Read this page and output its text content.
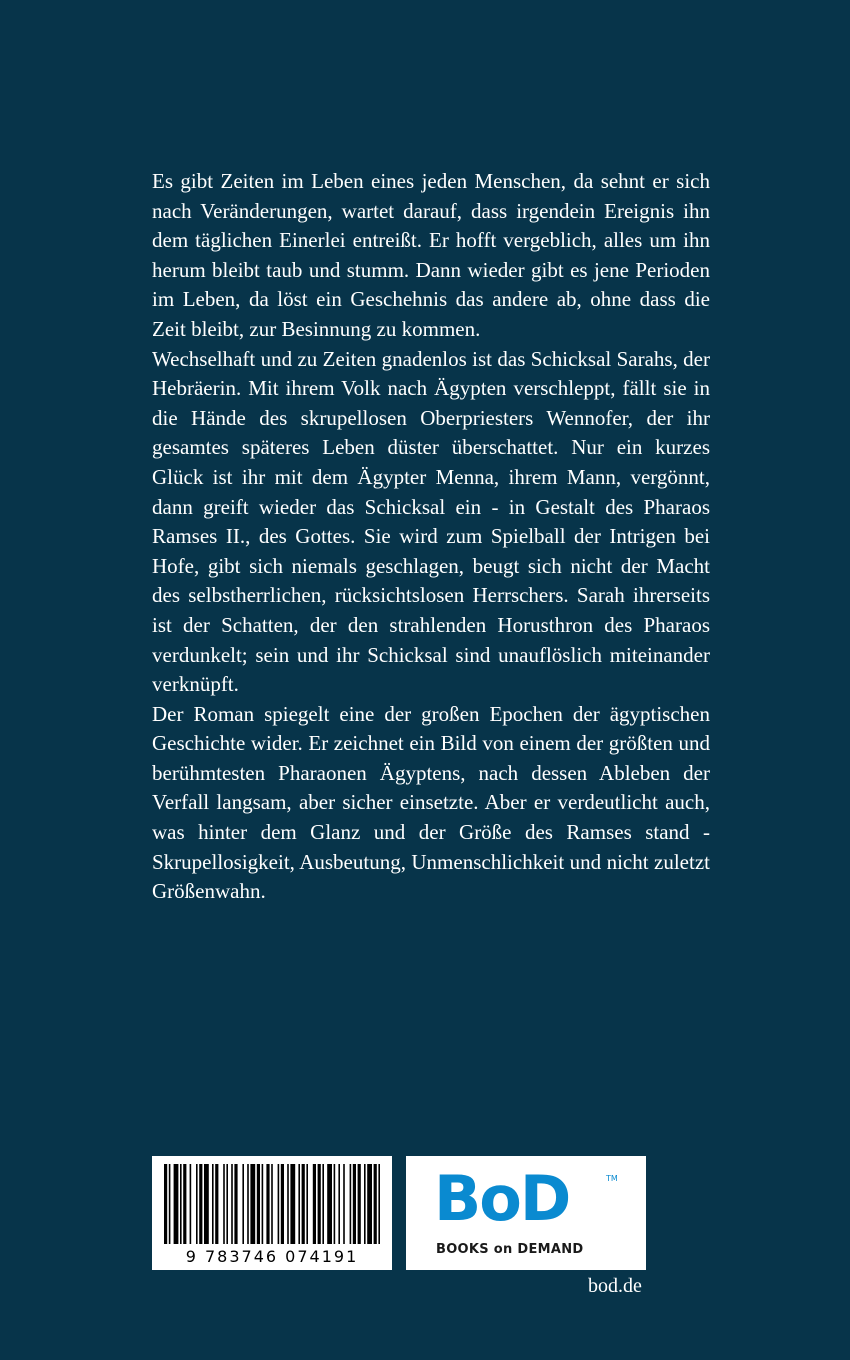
Es gibt Zeiten im Leben eines jeden Menschen, da sehnt er sich nach Veränderungen, wartet darauf, dass irgendein Ereignis ihn dem täglichen Einerlei entreißt. Er hofft vergeblich, alles um ihn herum bleibt taub und stumm. Dann wieder gibt es jene Perioden im Leben, da löst ein Geschehnis das andere ab, ohne dass die Zeit bleibt, zur Besinnung zu kommen.

Wechselhaft und zu Zeiten gnadenlos ist das Schicksal Sarahs, der Hebräerin. Mit ihrem Volk nach Ägypten verschleppt, fällt sie in die Hände des skrupellosen Oberpriesters Wennofer, der ihr gesamtes späteres Leben düster überschattet. Nur ein kurzes Glück ist ihr mit dem Ägypter Menna, ihrem Mann, vergönnt, dann greift wieder das Schicksal ein - in Gestalt des Pharaos Ramses II., des Gottes. Sie wird zum Spielball der Intrigen bei Hofe, gibt sich niemals geschlagen, beugt sich nicht der Macht des selbstherrlichen, rücksichtslosen Herrschers. Sarah ihrerseits ist der Schatten, der den strahlenden Horusthron des Pharaos verdunkelt; sein und ihr Schicksal sind unauflöslich miteinander verknüpft.

Der Roman spiegelt eine der großen Epochen der ägyptischen Geschichte wider. Er zeichnet ein Bild von einem der größten und berühmtesten Pharaonen Ägyptens, nach dessen Ableben der Verfall langsam, aber sicher einsetzte. Aber er verdeutlicht auch, was hinter dem Glanz und der Größe des Ramses stand - Skrupellosigkeit, Ausbeutung, Unmenschlichkeit und nicht zuletzt Größenwahn.

9 783746 074191
BoD	TM
BOOKS on DEMAND
bod.de
